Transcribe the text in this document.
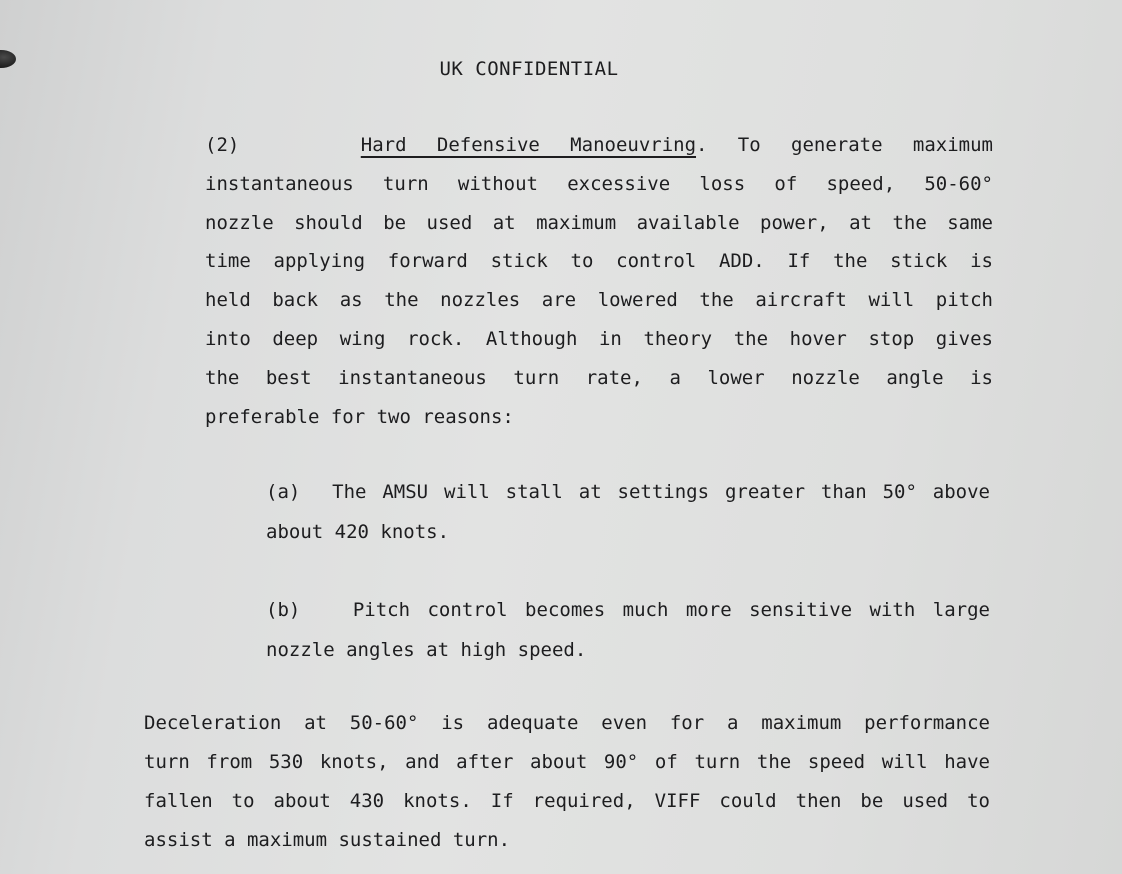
UK CONFIDENTIAL
(2)	Hard Defensive Manoeuvring. To generate maximum
instantaneous turn without excessive loss of speed, 50-60°
nozzle should be used at maximum available power, at the same
time applying forward stick to control ADD. If the stick is
held back as the nozzles are lowered the aircraft will pitch
into deep wing rock. Although in theory the hover stop gives
the best instantaneous turn rate, a lower nozzle angle is
preferable for two reasons:
(a) The AMSU will stall at settings greater than 50° above
about 420 knots.
(b)	Pitch control becomes much more sensitive with large
nozzle angles at high speed.
Deceleration at 50-60° is adequate even for a maximum performance
turn from 530 knots, and after about 90° of turn the speed will have
fallen to about 430 knots. If required, VIFF could then be used to
assist a maximum sustained turn.
